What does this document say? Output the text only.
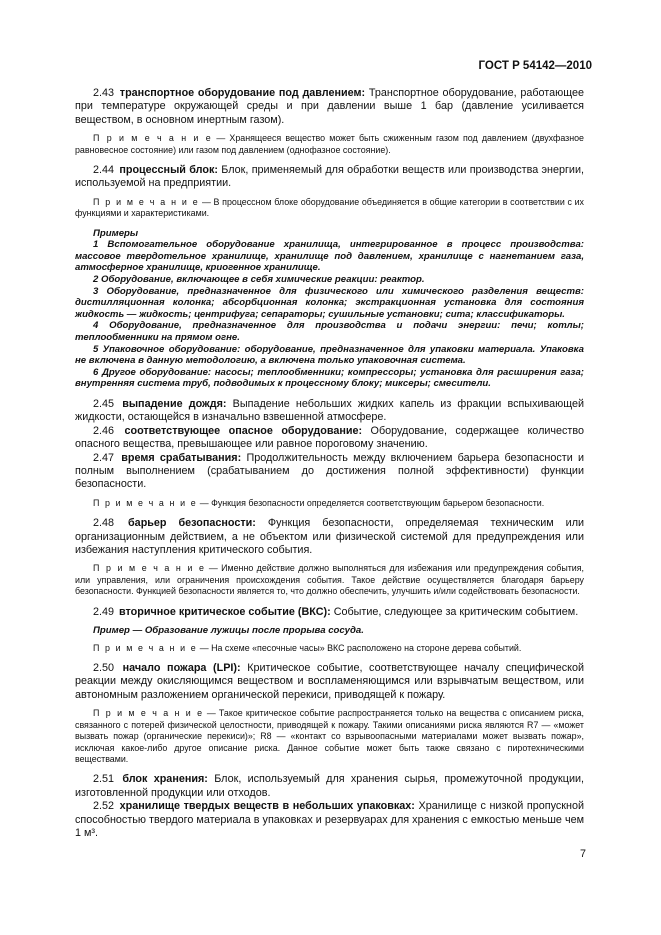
ГОСТ Р 54142—2010

2.43 транспортное оборудование под давлением: Транспортное оборудование, работающее при температуре окружающей среды и при давлении выше 1 бар (давление усиливается веществом, в основном инертным газом).

П р и м е ч а н и е — Хранящееся вещество может быть сжиженным газом под давлением (двухфазное равновесное состояние) или газом под давлением (однофазное состояние).

2.44 процессный блок: Блок, применяемый для обработки веществ или производства энергии, используемой на предприятии.

П р и м е ч а н и е — В процессном блоке оборудование объединяется в общие категории в соответствии с их функциями и характеристиками.

Примеры

1 Вспомогательное оборудование хранилища, интегрированное в процесс производства: массовое твердотельное хранилище, хранилище под давлением, хранилище с нагнетанием газа, атмосферное хранилище, криогенное хранилище.

2 Оборудование, включающее в себя химические реакции: реактор.

3 Оборудование, предназначенное для физического или химического разделения веществ: дистилляционная колонка; абсорбционная колонка; экстракционная установка для состояния жидкость — жидкость; центрифуга; сепараторы; сушильные установки; сита; классификаторы.

4 Оборудование, предназначенное для производства и подачи энергии: печи; котлы; теплообменники на прямом огне.

5 Упаковочное оборудование: оборудование, предназначенное для упаковки материала. Упаковка не включена в данную методологию, а включена только упаковочная система.

6 Другое оборудование: насосы; теплообменники; компрессоры; установка для расширения газа; внутренняя система труб, подводимых к процессному блоку; миксеры; смесители.

2.45 выпадение дождя: Выпадение небольших жидких капель из фракции вспыхивающей жидкости, остающейся в изначально взвешенной атмосфере.

2.46 соответствующее опасное оборудование: Оборудование, содержащее количество опасного вещества, превышающее или равное пороговому значению.

2.47 время срабатывания: Продолжительность между включением барьера безопасности и полным выполнением (срабатыванием до достижения полной эффективности) функции безопасности.

П р и м е ч а н и е — Функция безопасности определяется соответствующим барьером безопасности.

2.48 барьер безопасности: Функция безопасности, определяемая техническим или организационным действием, а не объектом или физической системой для предупреждения или избежания наступления критического события.

П р и м е ч а н и е — Именно действие должно выполняться для избежания или предупреждения события, или управления, или ограничения происхождения события. Такое действие осуществляется благодаря барьеру безопасности. Функцией безопасности является то, что должно обеспечить, улучшить и/или содействовать безопасности.

2.49 вторичное критическое событие (ВКС): Событие, следующее за критическим событием.

Пример — Образование лужицы после прорыва сосуда.

П р и м е ч а н и е — На схеме «песочные часы» ВКС расположено на стороне дерева событий.

2.50 начало пожара (LPI): Критическое событие, соответствующее началу специфической реакции между окисляющимся веществом и воспламеняющимся или взрывчатым веществом, или автономным разложением органической перекиси, приводящей к пожару.

П р и м е ч а н и е — Такое критическое событие распространяется только на вещества с описанием риска, связанного с потерей физической целостности, приводящей к пожару. Такими описаниями риска являются R7 — «может вызвать пожар (органические перекиси)»; R8 — «контакт со взрывоопасными материалами может вызвать пожар», исключая какое-либо другое описание риска. Данное событие может быть также связано с пиротехническими веществами.

2.51 блок хранения: Блок, используемый для хранения сырья, промежуточной продукции, изготовленной продукции или отходов.

2.52 хранилище твердых веществ в небольших упаковках: Хранилище с низкой пропускной способностью твердого материала в упаковках и резервуарах для хранения с емкостью меньше чем 1 м³.

7
